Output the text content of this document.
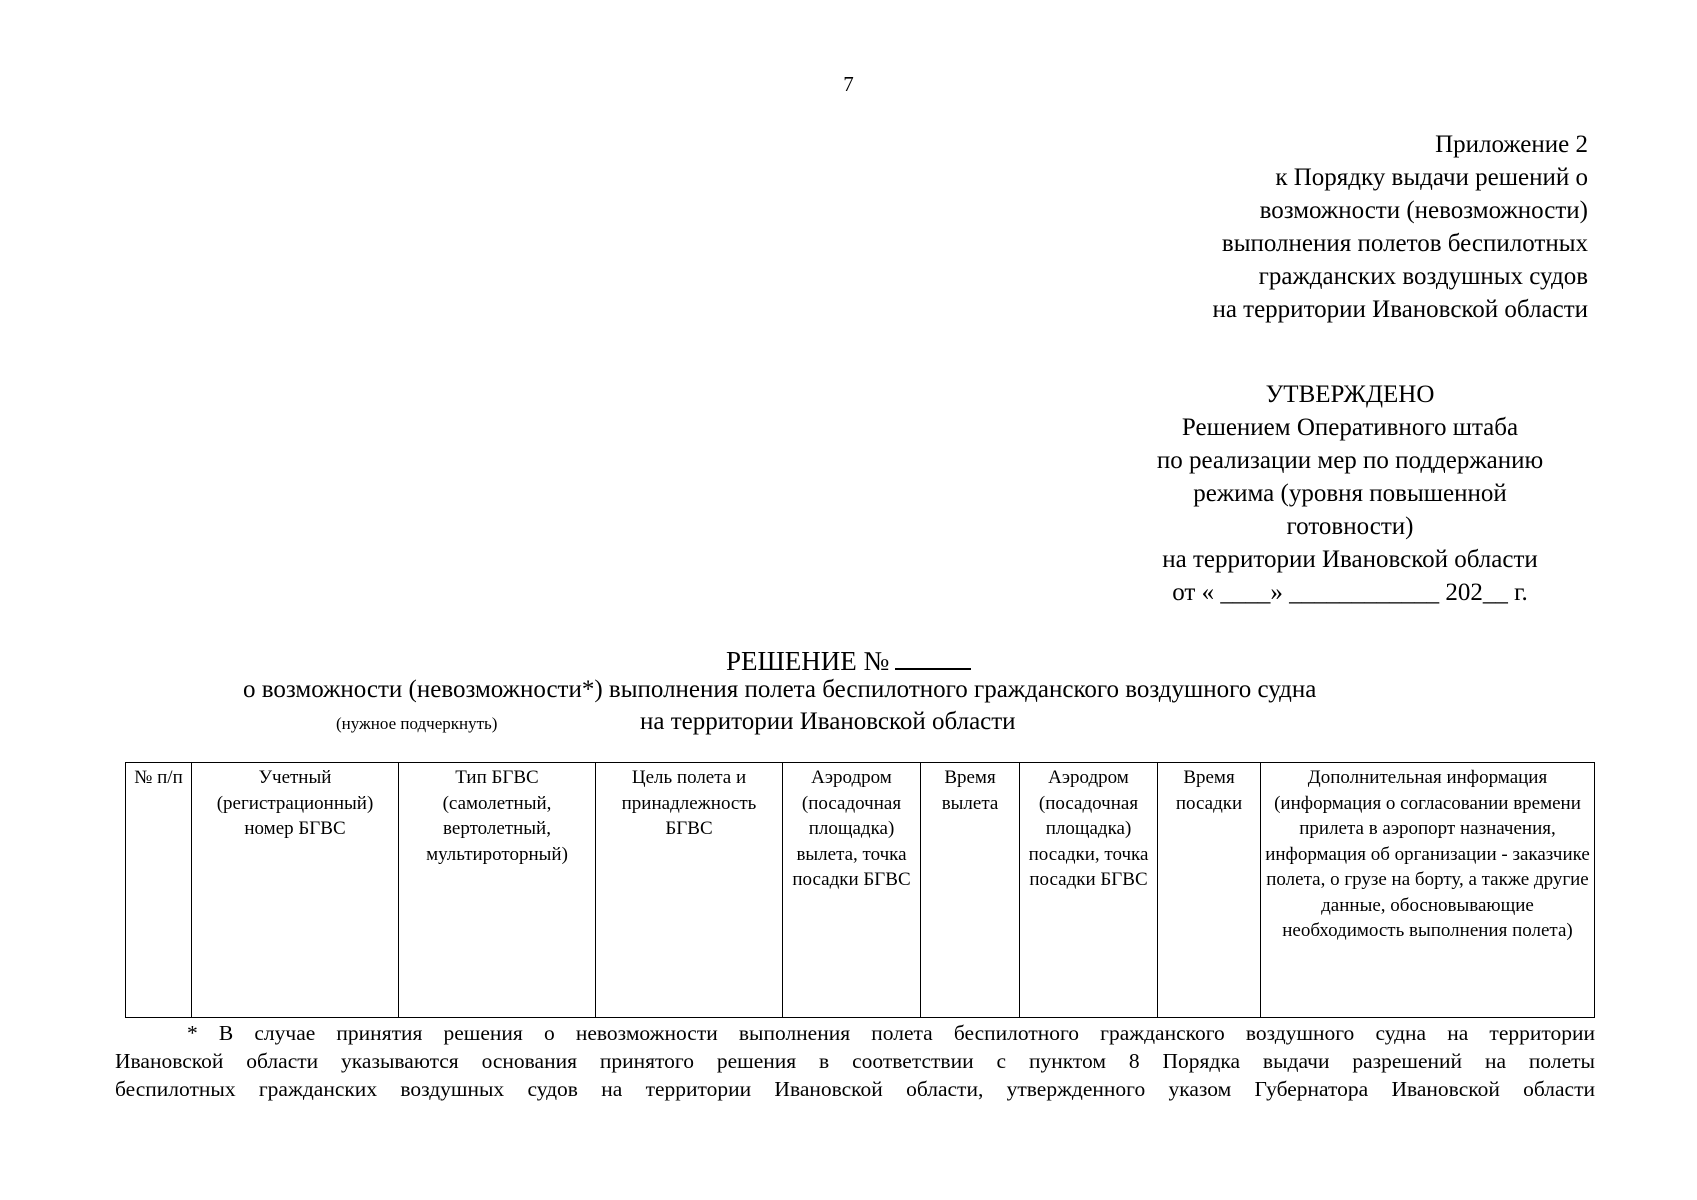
7
Приложение 2
к Порядку выдачи решений о
возможности (невозможности)
выполнения полетов беспилотных
гражданских воздушных судов
на территории Ивановской области
УТВЕРЖДЕНО
Решением Оперативного штаба
по реализации мер по поддержанию
режима (уровня повышенной
готовности)
на территории Ивановской области
от « ____» ____________ 202__ г.
РЕШЕНИЕ №
о возможности (невозможности*) выполнения полета беспилотного гражданского воздушного судна
(нужное подчеркнуть)	на территории Ивановской области
№ п/п	Учетный (регистрационный) номер БГВС	Тип БГВС (самолетный, вертолетный, мультироторный)	Цель полета и принадлежность БГВС	Аэродром (посадочная площадка) вылета, точка посадки БГВС	Время вылета	Аэродром (посадочная площадка) посадки, точка посадки БГВС	Время посадки	Дополнительная информация (информация о согласовании времени прилета в аэропорт назначения, информация об организации - заказчике полета, о грузе на борту, а также другие данные, обосновывающие необходимость выполнения полета)
* В случае принятия решения о невозможности выполнения полета беспилотного гражданского воздушного судна на территории
Ивановской области указываются основания принятого решения в соответствии с пунктом 8 Порядка выдачи разрешений на полеты
беспилотных гражданских воздушных судов на территории Ивановской области, утвержденного указом Губернатора Ивановской области
